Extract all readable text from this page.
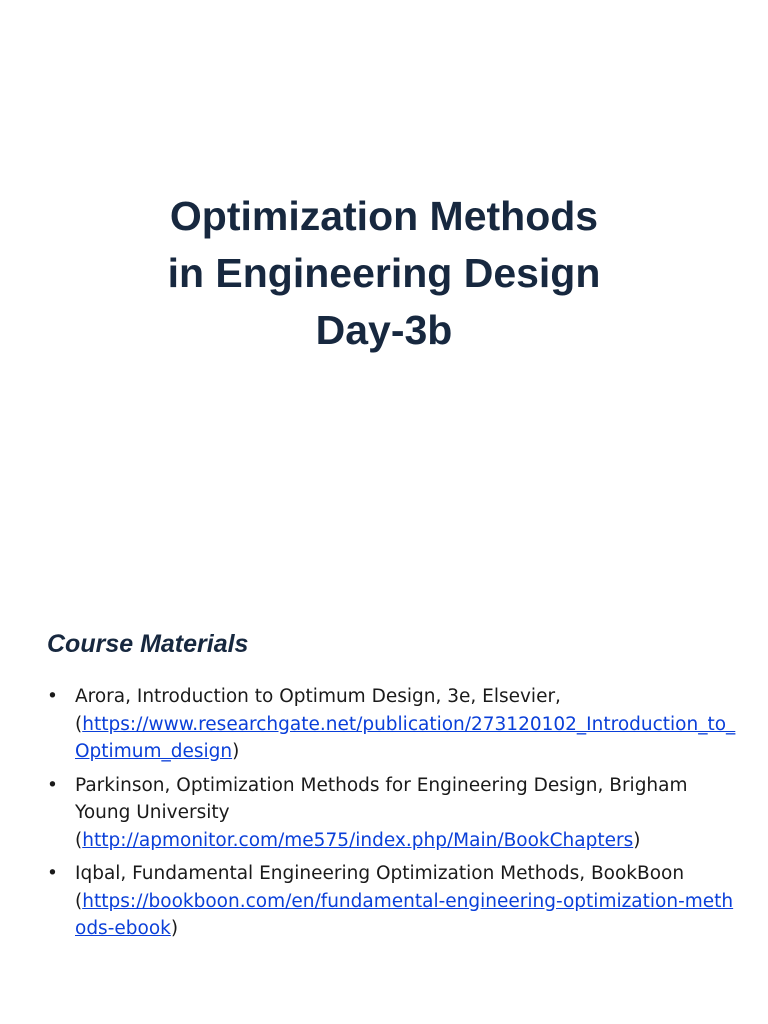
Optimization Methods
in Engineering Design
Day-3b
Course Materials
• Arora, Introduction to Optimum Design, 3e, Elsevier,
(https://www.researchgate.net/publication/273120102_Introduction_to_Optimum_design)
• Parkinson, Optimization Methods for Engineering Design, Brigham Young University
(http://apmonitor.com/me575/index.php/Main/BookChapters)
• Iqbal, Fundamental Engineering Optimization Methods, BookBoon
(https://bookboon.com/en/fundamental-engineering-optimization-methods-ebook)
